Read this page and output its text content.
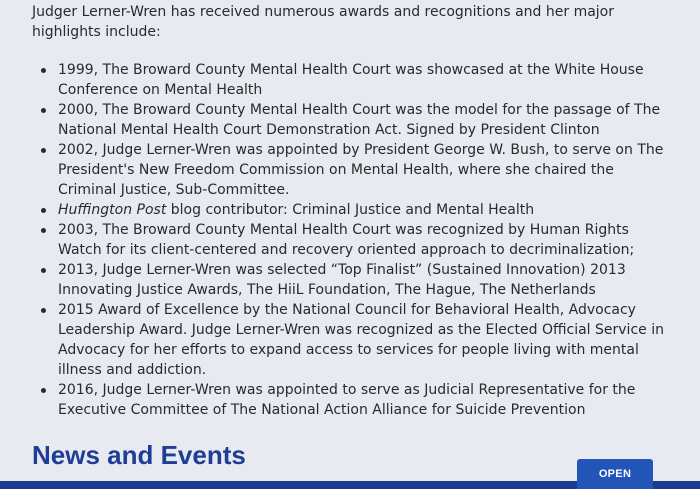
Judger Lerner-Wren has received numerous awards and recognitions and her major highlights include:

1999, The Broward County Mental Health Court was showcased at the White House Conference on Mental Health
2000, The Broward County Mental Health Court was the model for the passage of The National Mental Health Court Demonstration Act. Signed by President Clinton
2002, Judge Lerner-Wren was appointed by President George W. Bush, to serve on The President's New Freedom Commission on Mental Health, where she chaired the Criminal Justice, Sub-Committee.
Huffington Post blog contributor: Criminal Justice and Mental Health
2003, The Broward County Mental Health Court was recognized by Human Rights Watch for its client-centered and recovery oriented approach to decriminalization;
2013, Judge Lerner-Wren was selected “Top Finalist” (Sustained Innovation) 2013 Innovating Justice Awards, The HiiL Foundation, The Hague, The Netherlands
2015 Award of Excellence by the National Council for Behavioral Health, Advocacy Leadership Award. Judge Lerner-Wren was recognized as the Elected Official Service in Advocacy for her efforts to expand access to services for people living with mental illness and addiction.
2016, Judge Lerner-Wren was appointed to serve as Judicial Representative for the Executive Committee of The National Action Alliance for Suicide Prevention
News and Events
OPEN
